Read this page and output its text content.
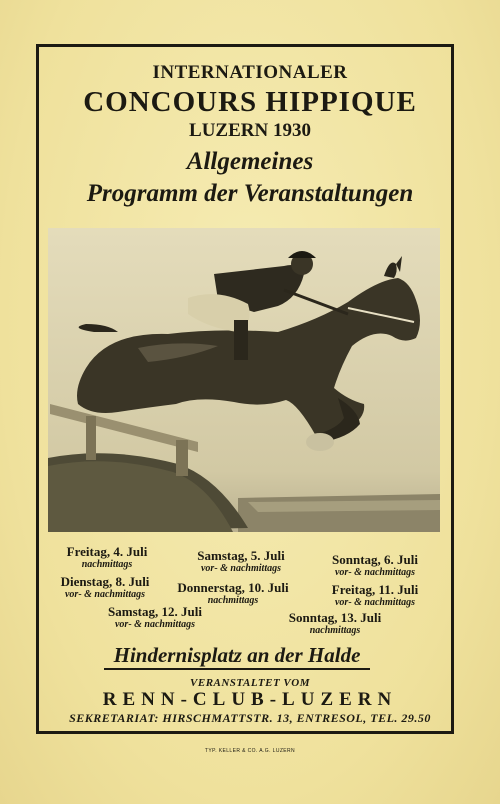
INTERNATIONALER
CONCOURS HIPPIQUE
LUZERN 1930
Allgemeines
Programm der Veranstaltungen
Freitag, 4. Juli
nachmittags
Samstag, 5. Juli
vor- & nachmittags
Sonntag, 6. Juli
vor- & nachmittags
Dienstag, 8. Juli
vor- & nachmittags	Donnerstag, 10. Juli
nachmittags
Freitag, 11. Juli
vor- & nachmittags
Samstag, 12. Juli
vor- & nachmittags	Sonntag, 13. Juli
nachmittags
Hindernisplatz an der Halde
VERANSTALTET VOM
RENN-CLUB-LUZERN
SEKRETARIAT: HIRSCHMATTSTR. 13, ENTRESOL, TEL. 29.50
TYP. KELLER & CO. A.G. LUZERN
